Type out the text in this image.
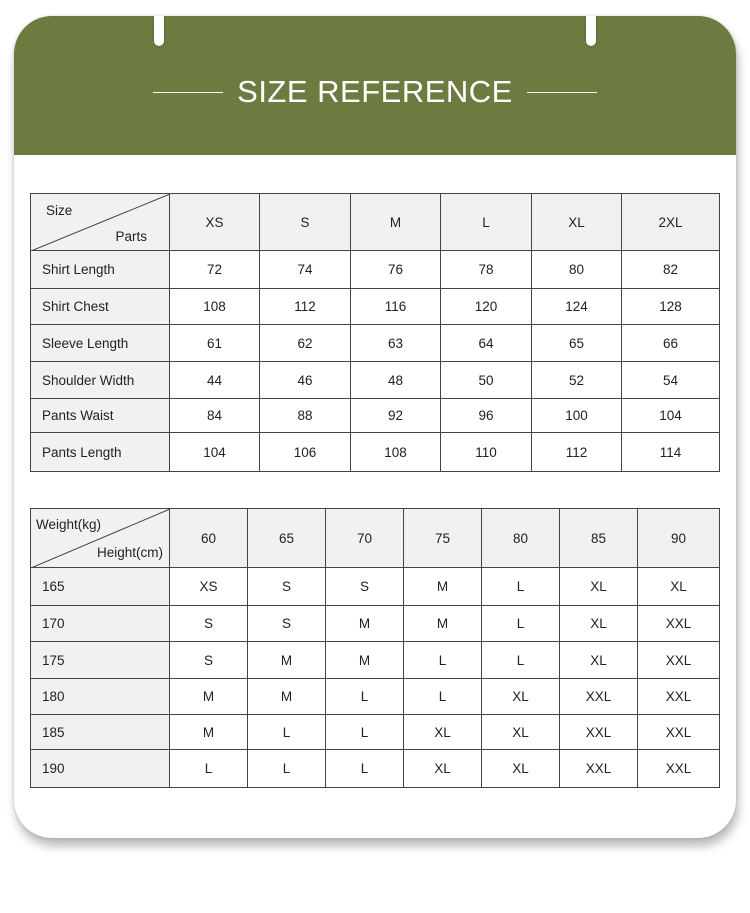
SIZE REFERENCE
Size
Parts	XS	S	M	L	XL	2XL
Shirt Length	72	74	76	78	80	82
Shirt Chest	108	112	116	120	124	128
Sleeve Length	61	62	63	64	65	66
Shoulder Width	44	46	48	50	52	54
Pants Waist	84	88	92	96	100	104
Pants Length	104	106	108	110	112	114
Weight(kg)
Height(cm)	60	65	70	75	80	85	90
165	XS	S	S	M	L	XL	XL
170	S	S	M	M	L	XL	XXL
175	S	M	M	L	L	XL	XXL
180	M	M	L	L	XL	XXL	XXL
185	M	L	L	XL	XL	XXL	XXL
190	L	L	L	XL	XL	XXL	XXL
